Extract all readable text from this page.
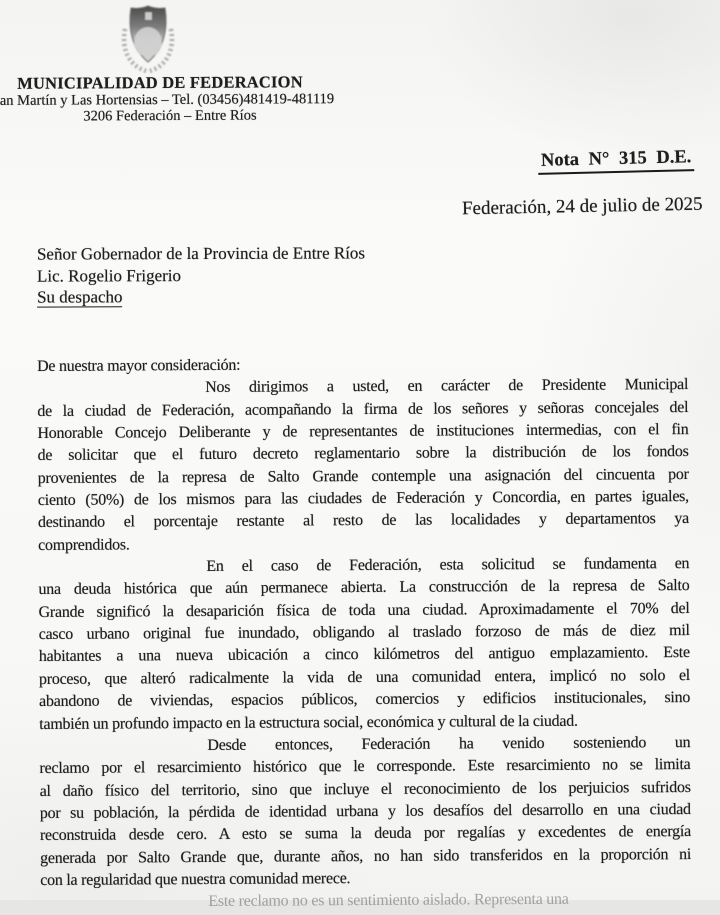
MUNICIPALIDAD DE FEDERACION
an Martín y Las Hortensias – Tel. (03456)481419-481119
3206 Federación – Entre Ríos
Nota N° 315 D.E.
Federación, 24 de julio de 2025
Señor Gobernador de la Provincia de Entre Ríos
Lic. Rogelio Frigerio
Su despacho
De nuestra mayor consideración:
Nos dirigimos a usted, en carácter de Presidente Municipal
de la ciudad de Federación, acompañando la firma de los señores y señoras concejales del
Honorable Concejo Deliberante y de representantes de instituciones intermedias, con el fin
de solicitar que el futuro decreto reglamentario sobre la distribución de los fondos
provenientes de la represa de Salto Grande contemple una asignación del cincuenta por
ciento (50%) de los mismos para las ciudades de Federación y Concordia, en partes iguales,
destinando el porcentaje restante al resto de las localidades y departamentos ya
comprendidos.
En el caso de Federación, esta solicitud se fundamenta en
una deuda histórica que aún permanece abierta. La construcción de la represa de Salto
Grande significó la desaparición física de toda una ciudad. Aproximadamente el 70% del
casco urbano original fue inundado, obligando al traslado forzoso de más de diez mil
habitantes a una nueva ubicación a cinco kilómetros del antiguo emplazamiento. Este
proceso, que alteró radicalmente la vida de una comunidad entera, implicó no solo el
abandono de viviendas, espacios públicos, comercios y edificios institucionales, sino
también un profundo impacto en la estructura social, económica y cultural de la ciudad.
Desde entonces, Federación ha venido sosteniendo un
reclamo por el resarcimiento histórico que le corresponde. Este resarcimiento no se limita
al daño físico del territorio, sino que incluye el reconocimiento de los perjuicios sufridos
por su población, la pérdida de identidad urbana y los desafíos del desarrollo en una ciudad
reconstruida desde cero. A esto se suma la deuda por regalías y excedentes de energía
generada por Salto Grande que, durante años, no han sido transferidos en la proporción ni
con la regularidad que nuestra comunidad merece.
Este reclamo no es un sentimiento aislado. Representa una
